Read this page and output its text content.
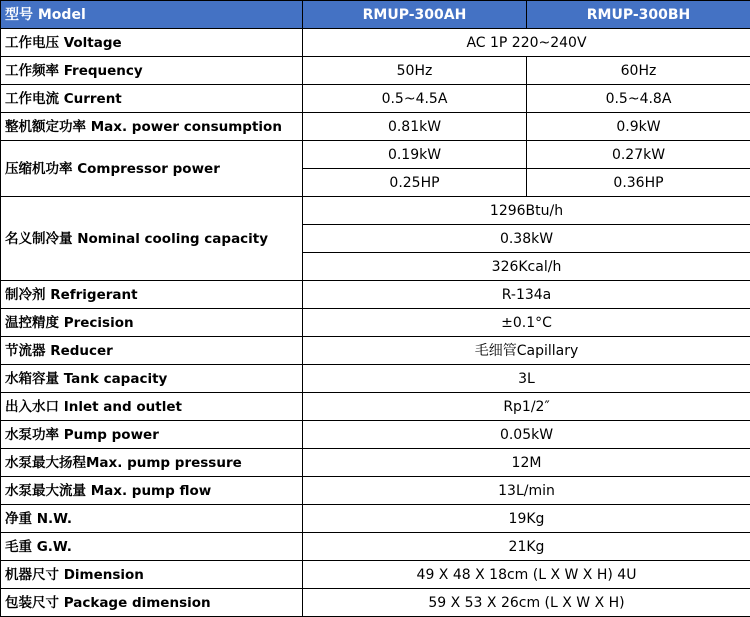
型号 Model	RMUP-300AH	RMUP-300BH
工作电压 Voltage	AC 1P 220~240V	
工作频率 Frequency	50Hz	60Hz
工作电流 Current	0.5~4.5A	0.5~4.8A
整机额定功率 Max. power consumption	0.81kW	0.9kW
压缩机功率 Compressor power	0.19kW	0.27kW
	0.25HP	0.36HP
名义制冷量 Nominal cooling capacity	1296Btu/h	
	0.38kW	
	326Kcal/h	
制冷剂 Refrigerant	R-134a	
温控精度 Precision	±0.1°C	
节流器 Reducer	毛细管Capillary	
水箱容量 Tank capacity	3L	
出入水口 Inlet and outlet	Rp1/2″	
水泵功率 Pump power	0.05kW	
水泵最大扬程Max. pump pressure	12M	
水泵最大流量 Max. pump flow	13L/min	
净重 N.W.	19Kg	
毛重 G.W.	21Kg	
机器尺寸 Dimension	49 X 48 X 18cm (L X W X H) 4U	
包装尺寸 Package dimension	59 X 53 X 26cm (L X W X H)	
